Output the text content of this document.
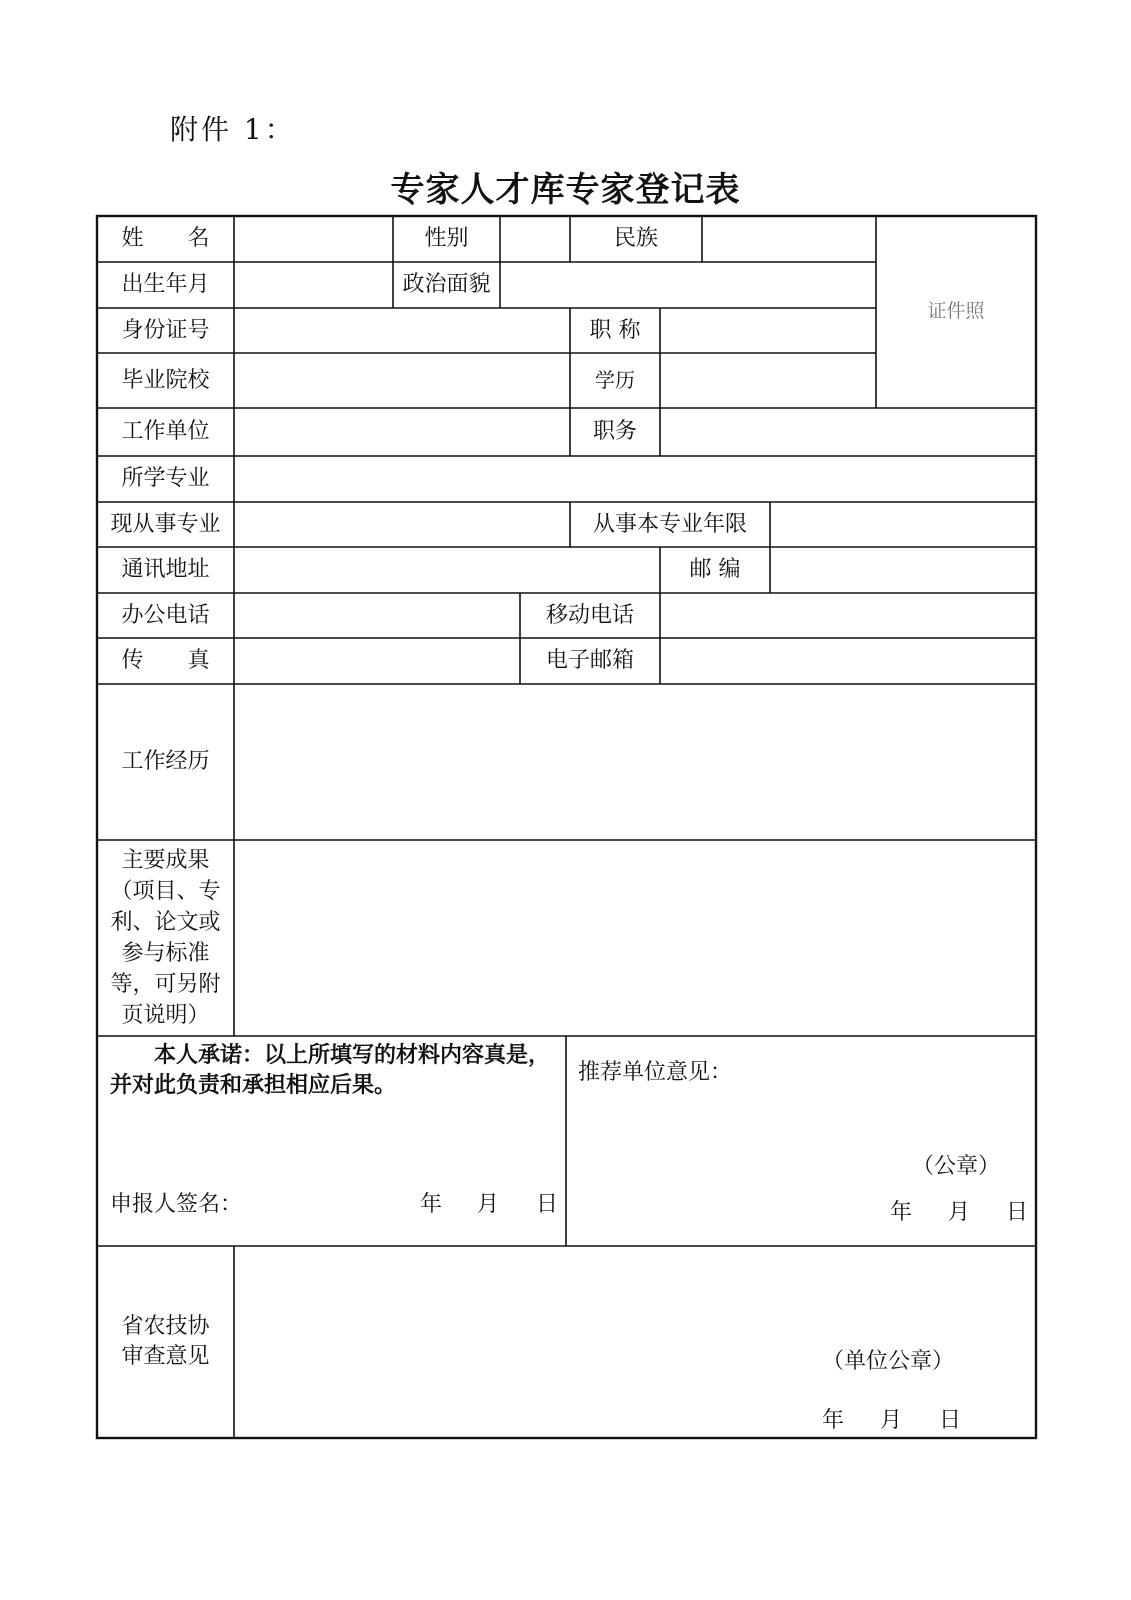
附件 1：
专家人才库专家登记表
姓　　名	性别	民族
证件照
出生年月	政治面貌
身份证号	职 称
毕业院校	学历
工作单位	职务
所学专业
现从事专业	从事本专业年限
通讯地址	邮 编
办公电话	移动电话
传　　真	电子邮箱
工作经历
主要成果（项目、专利、论文或参与标准等，可另附页说明）
本人承诺：以上所填写的材料内容真是，并对此负责和承担相应后果。
申报人签名：	年 月 日
推荐单位意见：
（公章）
年 月 日
省农技协审查意见	（单位公章）
年 月 日
